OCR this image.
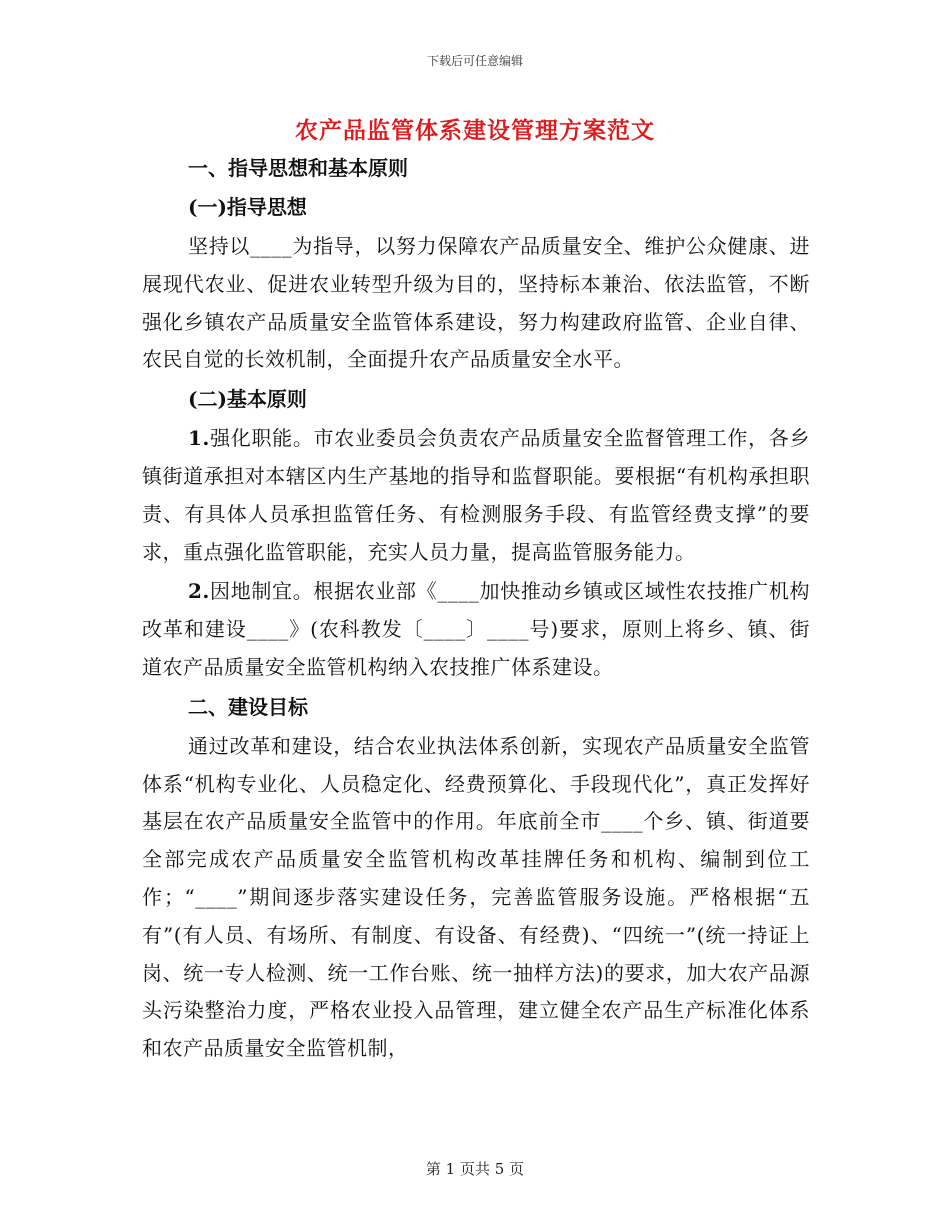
下载后可任意编辑
农产品监管体系建设管理方案范文
一、指导思想和基本原则
(一)指导思想

坚持以____为指导，以努力保障农产品质量安全、维护公众健康、进展现代农业、促进农业转型升级为目的，坚持标本兼治、依法监管，不断强化乡镇农产品质量安全监管体系建设，努力构建政府监管、企业自律、农民自觉的长效机制，全面提升农产品质量安全水平。

(二)基本原则

1.强化职能。市农业委员会负责农产品质量安全监督管理工作，各乡镇街道承担对本辖区内生产基地的指导和监督职能。要根据“有机构承担职责、有具体人员承担监管任务、有检测服务手段、有监管经费支撑”的要求，重点强化监管职能，充实人员力量，提高监管服务能力。

2.因地制宜。根据农业部《____加快推动乡镇或区域性农技推广机构改革和建设____》(农科教发〔____〕____号)要求，原则上将乡、镇、街道农产品质量安全监管机构纳入农技推广体系建设。

二、建设目标

通过改革和建设，结合农业执法体系创新，实现农产品质量安全监管体系“机构专业化、人员稳定化、经费预算化、手段现代化”，真正发挥好基层在农产品质量安全监管中的作用。年底前全市____个乡、镇、街道要全部完成农产品质量安全监管机构改革挂牌任务和机构、编制到位工作；“____”期间逐步落实建设任务，完善监管服务设施。严格根据“五有”(有人员、有场所、有制度、有设备、有经费)、“四统一”(统一持证上岗、统一专人检测、统一工作台账、统一抽样方法)的要求，加大农产品源头污染整治力度，严格农业投入品管理，建立健全农产品生产标准化体系和农产品质量安全监管机制，

第 1 页共 5 页
